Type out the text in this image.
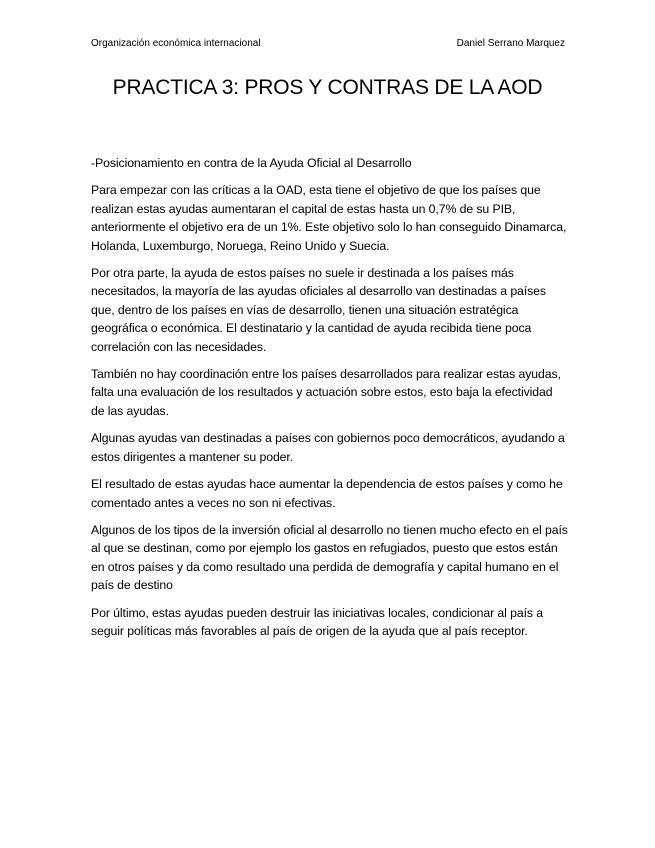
Organización económica internacional	Daniel Serrano Marquez
PRACTICA 3: PROS Y CONTRAS DE LA AOD

-Posicionamiento en contra de la Ayuda Oficial al Desarrollo

Para empezar con las críticas a la OAD, esta tiene el objetivo de que los países que realizan estas ayudas aumentaran el capital de estas hasta un 0,7% de su PIB, anteriormente el objetivo era de un 1%. Este objetivo solo lo han conseguido Dinamarca, Holanda, Luxemburgo, Noruega, Reino Unido y Suecia.

Por otra parte, la ayuda de estos países no suele ir destinada a los países más necesitados, la mayoría de las ayudas oficiales al desarrollo van destinadas a países que, dentro de los países en vías de desarrollo, tienen una situación estratégica geográfica o económica. El destinatario y la cantidad de ayuda recibida tiene poca correlación con las necesidades.

También no hay coordinación entre los países desarrollados para realizar estas ayudas, falta una evaluación de los resultados y actuación sobre estos, esto baja la efectividad de las ayudas.

Algunas ayudas van destinadas a países con gobiernos poco democráticos, ayudando a estos dirigentes a mantener su poder.

El resultado de estas ayudas hace aumentar la dependencia de estos países y como he comentado antes a veces no son ni efectivas.

Algunos de los tipos de la inversión oficial al desarrollo no tienen mucho efecto en el país al que se destinan, como por ejemplo los gastos en refugiados, puesto que estos están en otros países y da como resultado una perdida de demografía y capital humano en el país de destino

Por último, estas ayudas pueden destruir las iniciativas locales, condicionar al país a seguir políticas más favorables al país de origen de la ayuda que al país receptor.
